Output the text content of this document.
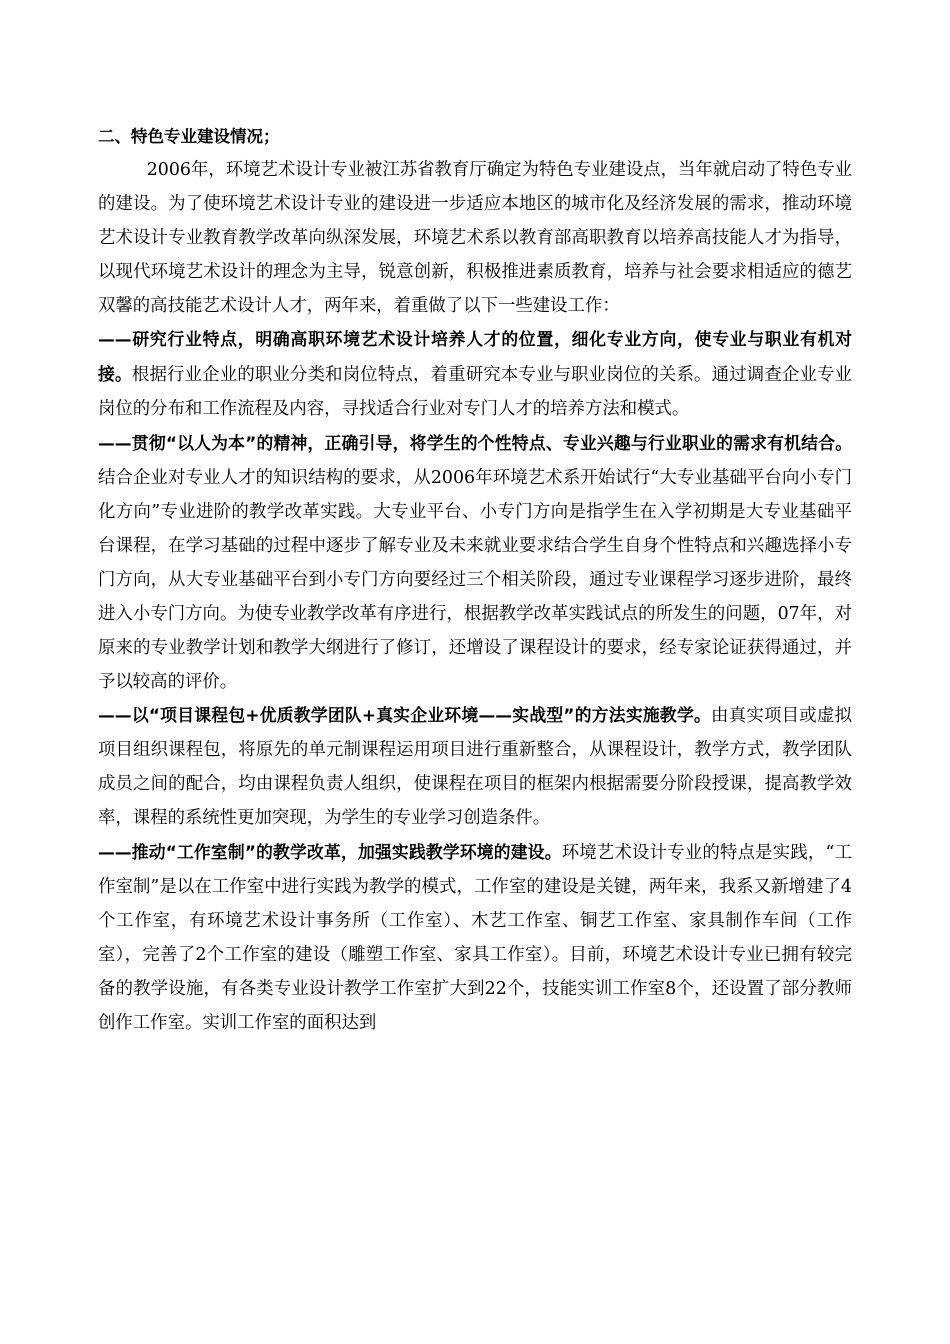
二、特色专业建设情况；

2006年，环境艺术设计专业被江苏省教育厅确定为特色专业建设点，当年就启动了特色专业的建设。为了使环境艺术设计专业的建设进一步适应本地区的城市化及经济发展的需求，推动环境艺术设计专业教育教学改革向纵深发展，环境艺术系以教育部高职教育以培养高技能人才为指导，以现代环境艺术设计的理念为主导，锐意创新，积极推进素质教育，培养与社会要求相适应的德艺双馨的高技能艺术设计人才，两年来，着重做了以下一些建设工作：

——研究行业特点，明确高职环境艺术设计培养人才的位置，细化专业方向，使专业与职业有机对接。根据行业企业的职业分类和岗位特点，着重研究本专业与职业岗位的关系。通过调查企业专业岗位的分布和工作流程及内容，寻找适合行业对专门人才的培养方法和模式。

——贯彻“以人为本”的精神，正确引导，将学生的个性特点、专业兴趣与行业职业的需求有机结合。结合企业对专业人才的知识结构的要求，从2006年环境艺术系开始试行“大专业基础平台向小专门化方向”专业进阶的教学改革实践。大专业平台、小专门方向是指学生在入学初期是大专业基础平台课程，在学习基础的过程中逐步了解专业及未来就业要求结合学生自身个性特点和兴趣选择小专门方向，从大专业基础平台到小专门方向要经过三个相关阶段，通过专业课程学习逐步进阶，最终进入小专门方向。为使专业教学改革有序进行，根据教学改革实践试点的所发生的问题，07年，对原来的专业教学计划和教学大纲进行了修订，还增设了课程设计的要求，经专家论证获得通过，并予以较高的评价。

——以“项目课程包+优质教学团队+真实企业环境——实战型”的方法实施教学。由真实项目或虚拟项目组织课程包，将原先的单元制课程运用项目进行重新整合，从课程设计，教学方式，教学团队成员之间的配合，均由课程负责人组织，使课程在项目的框架内根据需要分阶段授课，提高教学效率，课程的系统性更加突现，为学生的专业学习创造条件。

——推动“工作室制”的教学改革，加强实践教学环境的建设。环境艺术设计专业的特点是实践，“工作室制”是以在工作室中进行实践为教学的模式，工作室的建设是关键，两年来，我系又新增建了4个工作室，有环境艺术设计事务所（工作室）、木艺工作室、铜艺工作室、家具制作车间（工作室），完善了2个工作室的建设（雕塑工作室、家具工作室）。目前，环境艺术设计专业已拥有较完备的教学设施，有各类专业设计教学工作室扩大到22个，技能实训工作室8个，还设置了部分教师创作工作室。实训工作室的面积达到
